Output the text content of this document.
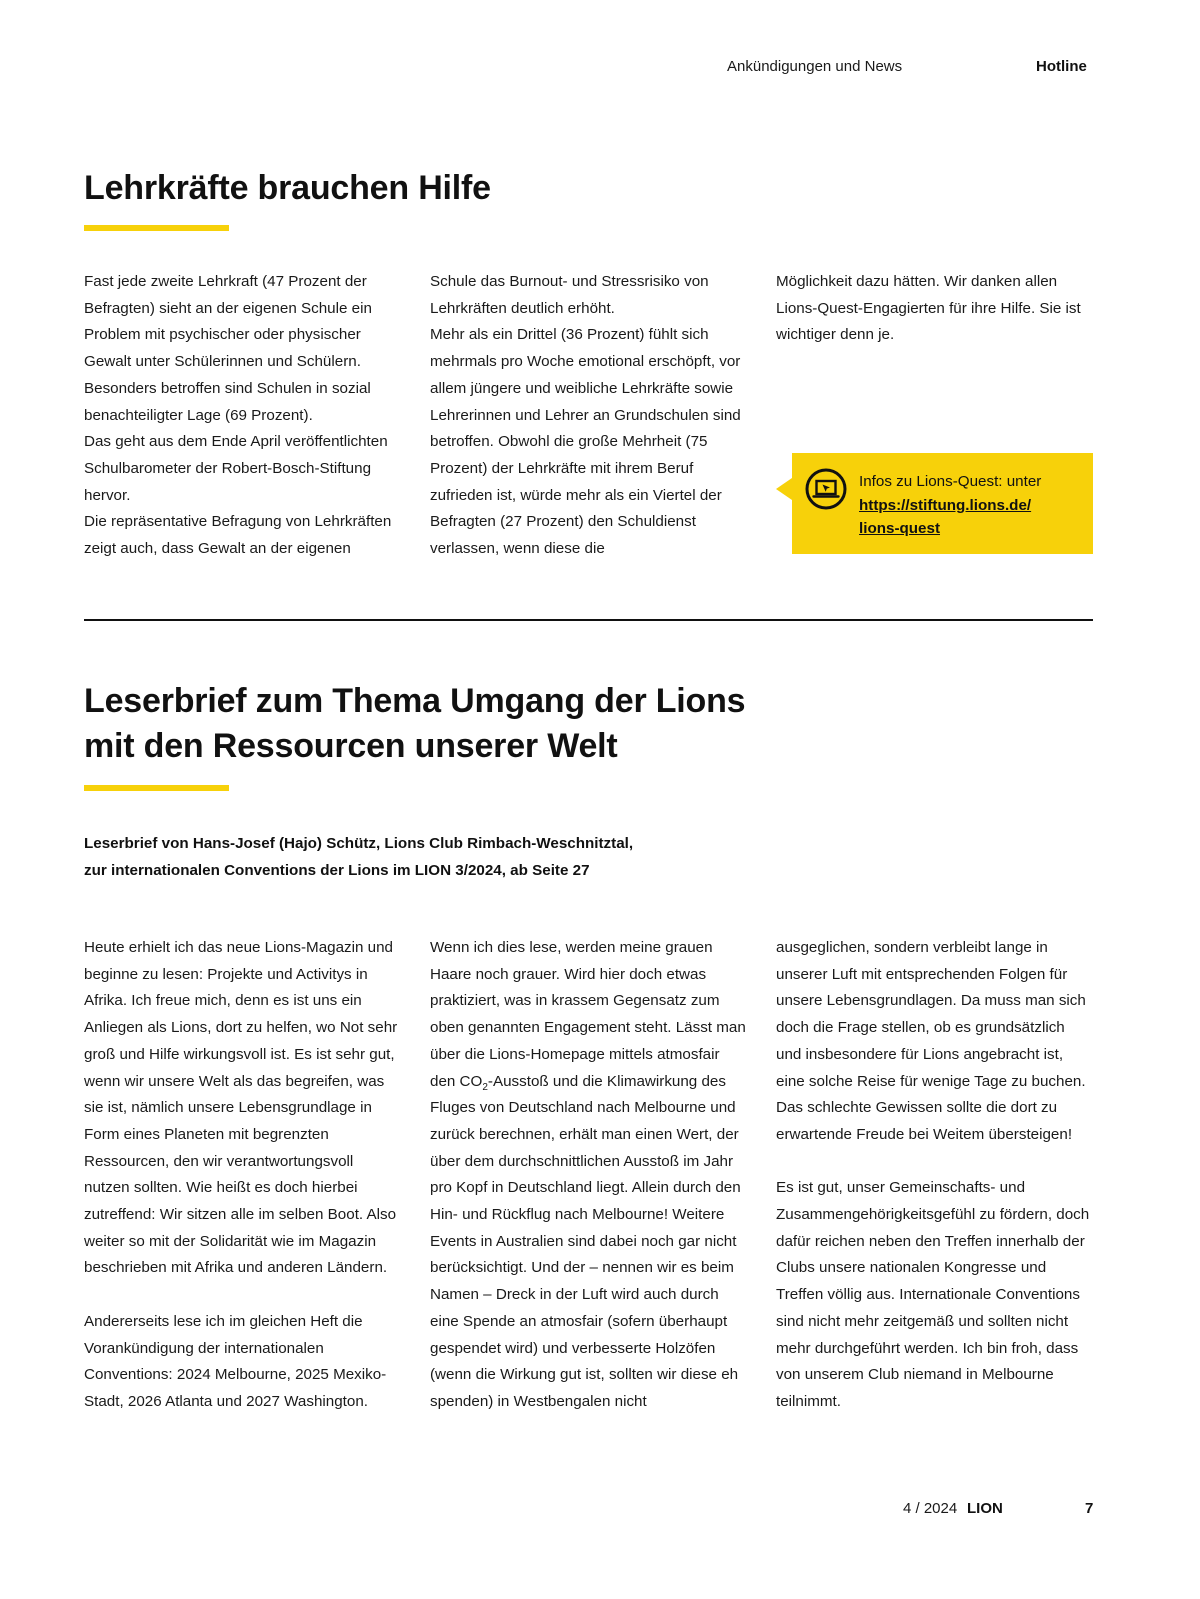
Ankündigungen und News	Hotline
Lehrkräfte brauchen Hilfe

Fast jede zweite Lehrkraft (47 Prozent der Befragten) sieht an der eigenen Schule ein Problem mit psychischer oder physischer Gewalt unter Schülerinnen und Schülern. Besonders betroffen sind Schulen in sozial benachteiligter Lage (69 Prozent).

Das geht aus dem Ende April veröffentlichten Schulbarometer der Robert-Bosch-Stiftung hervor.

Die repräsentative Befragung von Lehrkräften zeigt auch, dass Gewalt an der eigenen

Schule das Burnout- und Stressrisiko von Lehrkräften deutlich erhöht.

Mehr als ein Drittel (36 Prozent) fühlt sich mehrmals pro Woche emotional erschöpft, vor allem jüngere und weibliche Lehrkräfte sowie Lehrerinnen und Lehrer an Grundschulen sind betroffen. Obwohl die große Mehrheit (75 Prozent) der Lehrkräfte mit ihrem Beruf zufrieden ist, würde mehr als ein Viertel der Befragten (27 Prozent) den Schuldienst verlassen, wenn diese die

Möglichkeit dazu hätten. Wir danken allen Lions-Quest-Engagierten für ihre Hilfe. Sie ist wichtiger denn je.

Infos zu Lions-Quest: unter
https://stiftung.lions.de/
lions-quest
Leserbrief zum Thema Umgang der Lions
mit den Ressourcen unserer Welt

Leserbrief von Hans-Josef (Hajo) Schütz, Lions Club Rimbach-Weschnitztal,

zur internationalen Conventions der Lions im LION 3/2024, ab Seite 27

Heute erhielt ich das neue Lions-Magazin und beginne zu lesen: Projekte und Activitys in Afrika. Ich freue mich, denn es ist uns ein Anliegen als Lions, dort zu helfen, wo Not sehr groß und Hilfe wirkungsvoll ist. Es ist sehr gut, wenn wir unsere Welt als das begreifen, was sie ist, nämlich unsere Lebensgrundlage in Form eines Planeten mit begrenzten Ressourcen, den wir verantwortungsvoll nutzen sollten. Wie heißt es doch hierbei zutreffend: Wir sitzen alle im selben Boot. Also weiter so mit der Solidarität wie im Magazin beschrieben mit Afrika und anderen Ländern.

Andererseits lese ich im gleichen Heft die Vorankündigung der internationalen Conventions: 2024 Melbourne, 2025 Mexiko-Stadt, 2026 Atlanta und 2027 Washington.

Wenn ich dies lese, werden meine grauen Haare noch grauer. Wird hier doch etwas praktiziert, was in krassem Gegensatz zum oben genannten Engagement steht. Lässt man über die Lions-Homepage mittels atmosfair den $CO_2$-Ausstoß und die Klimawirkung des Fluges von Deutschland nach Melbourne und zurück berechnen, erhält man einen Wert, der über dem durchschnittlichen Ausstoß im Jahr pro Kopf in Deutschland liegt. Allein durch den Hin- und Rückflug nach Melbourne! Weitere Events in Australien sind dabei noch gar nicht berücksichtigt. Und der – nennen wir es beim Namen – Dreck in der Luft wird auch durch eine Spende an atmosfair (sofern überhaupt gespendet wird) und verbesserte Holzöfen (wenn die Wirkung gut ist, sollten wir diese eh spenden) in Westbengalen nicht

ausgeglichen, sondern verbleibt lange in unserer Luft mit entsprechenden Folgen für unsere Lebensgrundlagen. Da muss man sich doch die Frage stellen, ob es grundsätzlich und insbesondere für Lions angebracht ist, eine solche Reise für wenige Tage zu buchen. Das schlechte Gewissen sollte die dort zu erwartende Freude bei Weitem übersteigen!

Es ist gut, unser Gemeinschafts- und Zusammengehörigkeitsgefühl zu fördern, doch dafür reichen neben den Treffen innerhalb der Clubs unsere nationalen Kongresse und Treffen völlig aus. Internationale Conventions sind nicht mehr zeitgemäß und sollten nicht mehr durchgeführt werden. Ich bin froh, dass von unserem Club niemand in Melbourne teilnimmt.

4 / 2024 LION	7
